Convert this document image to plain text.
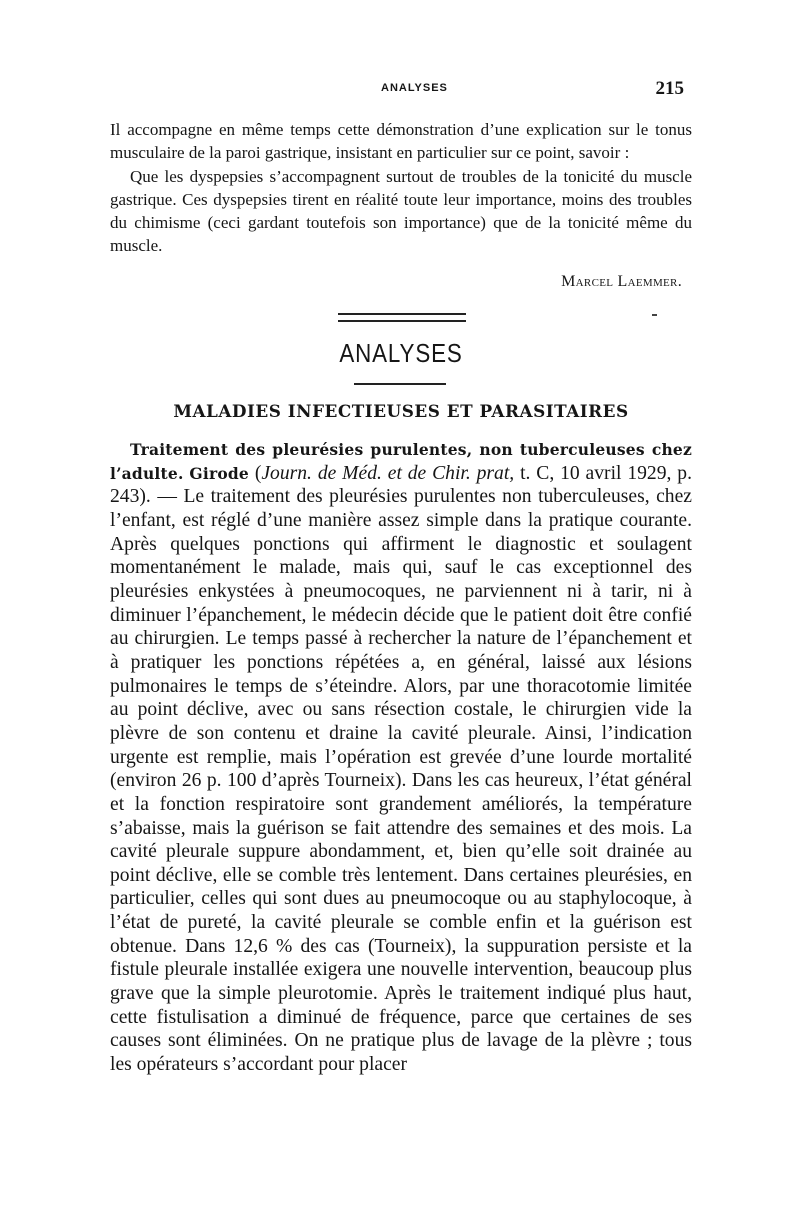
ANALYSES	215

Il accompagne en même temps cette démonstration d’une explication sur le tonus musculaire de la paroi gastrique, insistant en particulier sur ce point, savoir :

Que les dyspepsies s’accompagnent surtout de troubles de la tonicité du muscle gastrique. Ces dyspepsies tirent en réalité toute leur importance, moins des troubles du chimisme (ceci gardant toutefois son importance) que de la tonicité même du muscle.

Marcel Laemmer.
ANALYSES
MALADIES INFECTIEUSES ET PARASITAIRES

Traitement des pleurésies purulentes, non tuberculeuses chez l’adulte. Girode (Journ. de Méd. et de Chir. prat, t. C, 10 avril 1929, p. 243). — Le traitement des pleurésies purulentes non tuberculeuses, chez l’enfant, est réglé d’une manière assez simple dans la pratique courante. Après quelques ponctions qui affirment le diagnostic et soulagent momentanément le malade, mais qui, sauf le cas exceptionnel des pleurésies enkystées à pneumocoques, ne parviennent ni à tarir, ni à diminuer l’épanchement, le médecin décide que le patient doit être confié au chirurgien. Le temps passé à rechercher la nature de l’épanchement et à pratiquer les ponctions répétées a, en général, laissé aux lésions pulmonaires le temps de s’éteindre. Alors, par une thoracotomie limitée au point déclive, avec ou sans résection costale, le chirurgien vide la plèvre de son contenu et draine la cavité pleurale. Ainsi, l’indication urgente est remplie, mais l’opération est grevée d’une lourde mortalité (environ 26 p. 100 d’après Tourneix). Dans les cas heureux, l’état général et la fonction respiratoire sont grandement améliorés, la température s’abaisse, mais la guérison se fait attendre des semaines et des mois. La cavité pleurale suppure abondamment, et, bien qu’elle soit drainée au point déclive, elle se comble très lentement. Dans certaines pleurésies, en particulier, celles qui sont dues au pneumocoque ou au staphylocoque, à l’état de pureté, la cavité pleurale se comble enfin et la guérison est obtenue. Dans 12,6 % des cas (Tourneix), la suppuration persiste et la fistule pleurale installée exigera une nouvelle intervention, beaucoup plus grave que la simple pleurotomie. Après le traitement indiqué plus haut, cette fistulisation a diminué de fréquence, parce que certaines de ses causes sont éliminées. On ne pratique plus de lavage de la plèvre ; tous les opérateurs s’accordant pour placer
